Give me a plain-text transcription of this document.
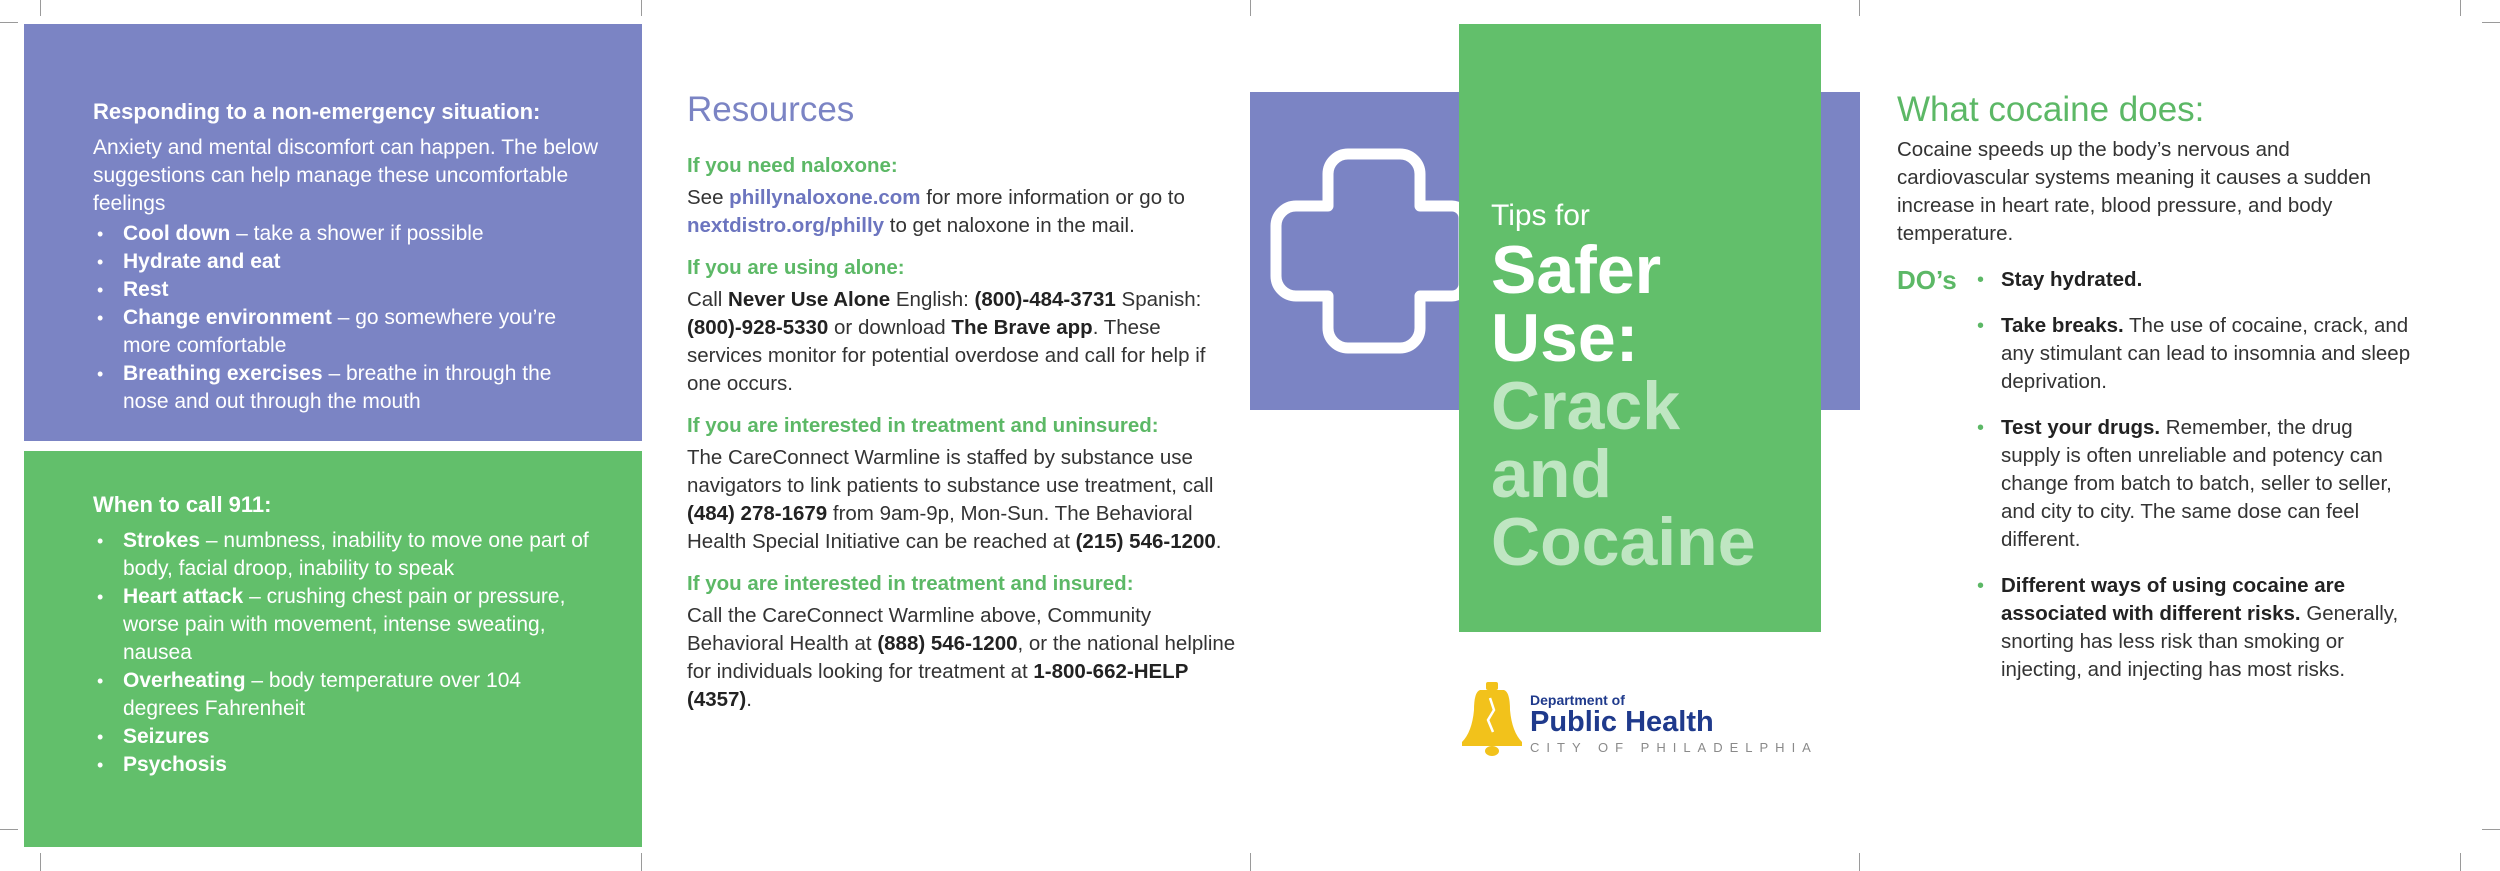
Responding to a non-emergency situation:

Anxiety and mental discomfort can happen. The below suggestions can help manage these uncomfortable feelings

• Cool down – take a shower if possible
• Hydrate and eat
• Rest
• Change environment – go somewhere you’re more comfortable
• Breathing exercises – breathe in through the nose and out through the mouth
When to call 911:
• Strokes – numbness, inability to move one part of body, facial droop, inability to speak
• Heart attack – crushing chest pain or pressure, worse pain with movement, intense sweating, nausea
• Overheating – body temperature over 104 degrees Fahrenheit
• Seizures
• Psychosis
Resources
If you need naloxone:

See phillynaloxone.com for more information or go to nextdistro.org/philly to get naloxone in the mail.

If you are using alone:

Call Never Use Alone English: (800)-484-3731 Spanish: (800)-928-5330 or download The Brave app. These services monitor for potential overdose and call for help if one occurs.

If you are interested in treatment and uninsured:

The CareConnect Warmline is staffed by substance use navigators to link patients to substance use treatment, call (484) 278-1679 from 9am-9p, Mon-Sun. The Behavioral Health Special Initiative can be reached at (215) 546-1200.

If you are interested in treatment and insured:

Call the CareConnect Warmline above, Community Behavioral Health at (888) 546-1200, or the national helpline for individuals looking for treatment at 1-800-662-HELP (4357).

Tips for
Safer
Use:
Crack
and
Cocaine
Department of
Public Health
CITY OF PHILADELPHIA
What cocaine does:

Cocaine speeds up the body’s nervous and cardiovascular systems meaning it causes a sudden increase in heart rate, blood pressure, and body temperature.

DO’s
•	Stay hydrated.
• Take breaks. The use of cocaine, crack, and any stimulant can lead to insomnia and sleep deprivation.
• Test your drugs. Remember, the drug supply is often unreliable and potency can change from batch to batch, seller to seller, and city to city. The same dose can feel different.
• Different ways of using cocaine are associated with different risks. Generally, snorting has less risk than smoking or injecting, and injecting has most risks.
